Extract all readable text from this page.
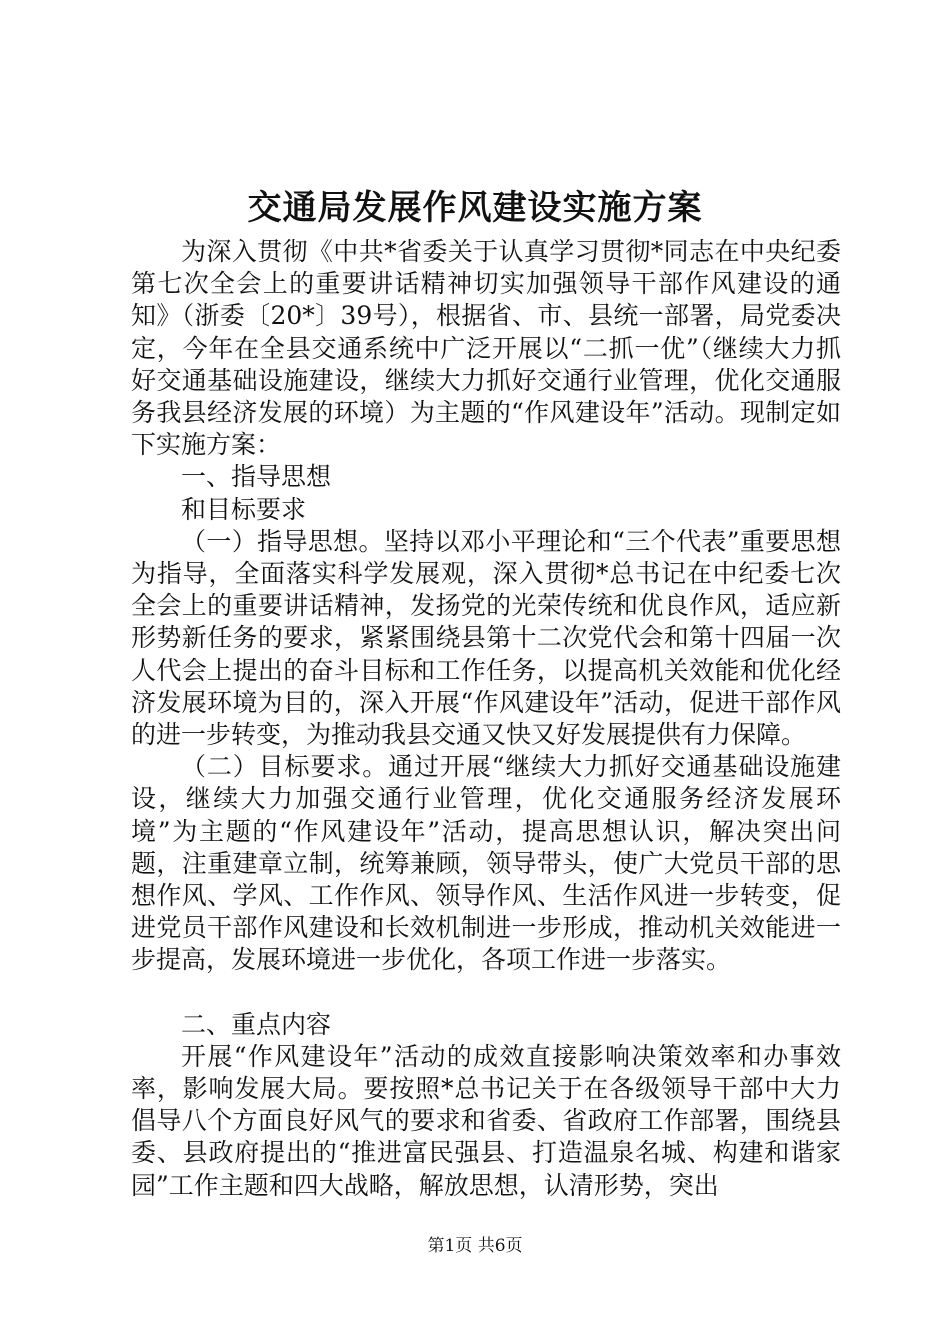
交通局发展作风建设实施方案

为深入贯彻《中共*省委关于认真学习贯彻*同志在中央纪委第七次全会上的重要讲话精神切实加强领导干部作风建设的通知》（浙委〔20*〕39号），根据省、市、县统一部署，局党委决定，今年在全县交通系统中广泛开展以“二抓一优”（继续大力抓好交通基础设施建设，继续大力抓好交通行业管理，优化交通服务我县经济发展的环境）为主题的“作风建设年”活动。现制定如下实施方案：

一、指导思想

和目标要求

（一）指导思想。坚持以邓小平理论和“三个代表”重要思想为指导，全面落实科学发展观，深入贯彻*总书记在中纪委七次全会上的重要讲话精神，发扬党的光荣传统和优良作风，适应新形势新任务的要求，紧紧围绕县第十二次党代会和第十四届一次人代会上提出的奋斗目标和工作任务，以提高机关效能和优化经济发展环境为目的，深入开展“作风建设年”活动，促进干部作风的进一步转变，为推动我县交通又快又好发展提供有力保障。

（二）目标要求。通过开展“继续大力抓好交通基础设施建设，继续大力加强交通行业管理，优化交通服务经济发展环境”为主题的“作风建设年”活动，提高思想认识，解决突出问题，注重建章立制，统筹兼顾，领导带头，使广大党员干部的思想作风、学风、工作作风、领导作风、生活作风进一步转变，促进党员干部作风建设和长效机制进一步形成，推动机关效能进一步提高，发展环境进一步优化，各项工作进一步落实。

二、重点内容

开展“作风建设年”活动的成效直接影响决策效率和办事效率，影响发展大局。要按照*总书记关于在各级领导干部中大力倡导八个方面良好风气的要求和省委、省政府工作部署，围绕县委、县政府提出的“推进富民强县、打造温泉名城、构建和谐家园”工作主题和四大战略，解放思想，认清形势，突出

第1页 共6页
